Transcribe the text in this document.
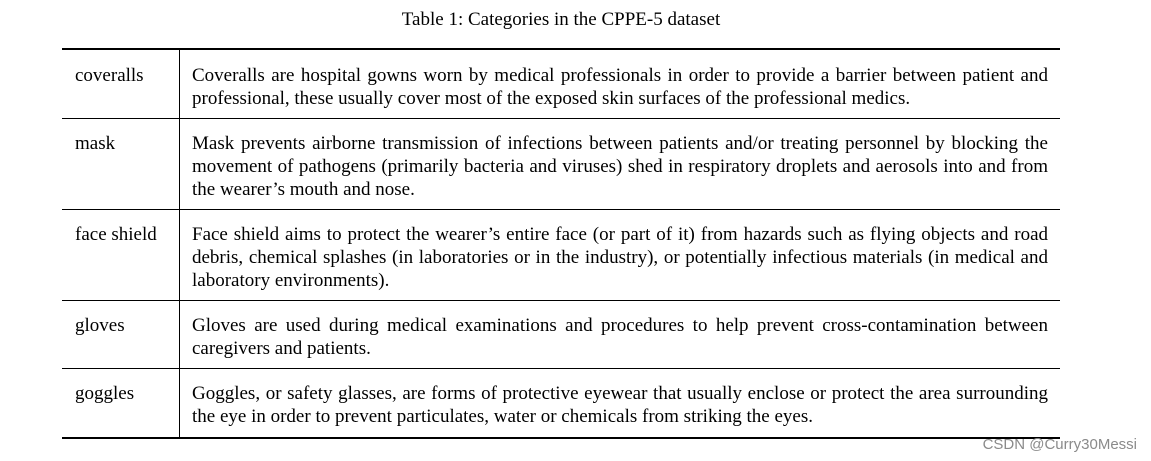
Table 1: Categories in the CPPE-5 dataset
coveralls	Coveralls are hospital gowns worn by medical professionals in order to provide a barrier between patient and professional, these usually cover most of the exposed skin surfaces of the professional medics.
mask	Mask prevents airborne transmission of infections between patients and/or treating personnel by blocking the movement of pathogens (primarily bacteria and viruses) shed in respiratory droplets and aerosols into and from the wearer’s mouth and nose.
face shield	Face shield aims to protect the wearer’s entire face (or part of it) from hazards such as flying objects and road debris, chemical splashes (in laboratories or in the industry), or potentially infectious materials (in medical and laboratory environments).
gloves	Gloves are used during medical examinations and procedures to help prevent cross-contamination between caregivers and patients.
goggles	Goggles, or safety glasses, are forms of protective eyewear that usually enclose or protect the area surrounding the eye in order to prevent particulates, water or chemicals from striking the eyes.
CSDN @Curry30Messi
